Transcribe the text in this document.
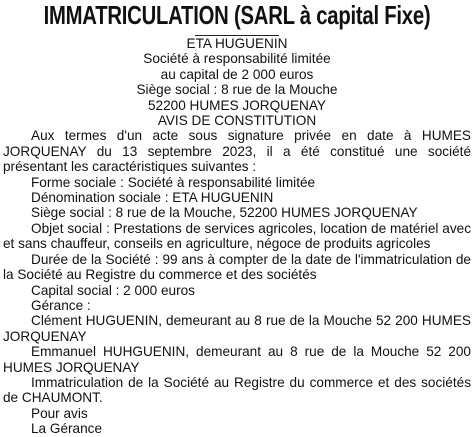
IMMATRICULATION (SARL à capital Fixe)

ETA HUGUENIN

Société à responsabilité limitée

au capital de 2 000 euros

Siège social : 8 rue de la Mouche

52200 HUMES JORQUENAY

AVIS DE CONSTITUTION

Aux termes d'un acte sous signature privée en date à HUMES JORQUENAY du 13 septembre 2023, il a été constitué une société présentant les caractéristiques suivantes :

Forme sociale : Société à responsabilité limitée

Dénomination sociale : ETA HUGUENIN

Siège social : 8 rue de la Mouche, 52200 HUMES JORQUENAY

Objet social : Prestations de services agricoles, location de matériel avec et sans chauffeur, conseils en agriculture, négoce de produits agricoles

Durée de la Société : 99 ans à compter de la date de l'immatriculation de la Société au Registre du commerce et des sociétés

Capital social : 2 000 euros

Gérance :

Clément HUGUENIN, demeurant au 8 rue de la Mouche 52 200 HUMES JORQUENAY

Emmanuel HUHGUENIN, demeurant au 8 rue de la Mouche 52 200 HUMES JORQUENAY

Immatriculation de la Société au Registre du commerce et des sociétés de CHAUMONT.

Pour avis

La Gérance
